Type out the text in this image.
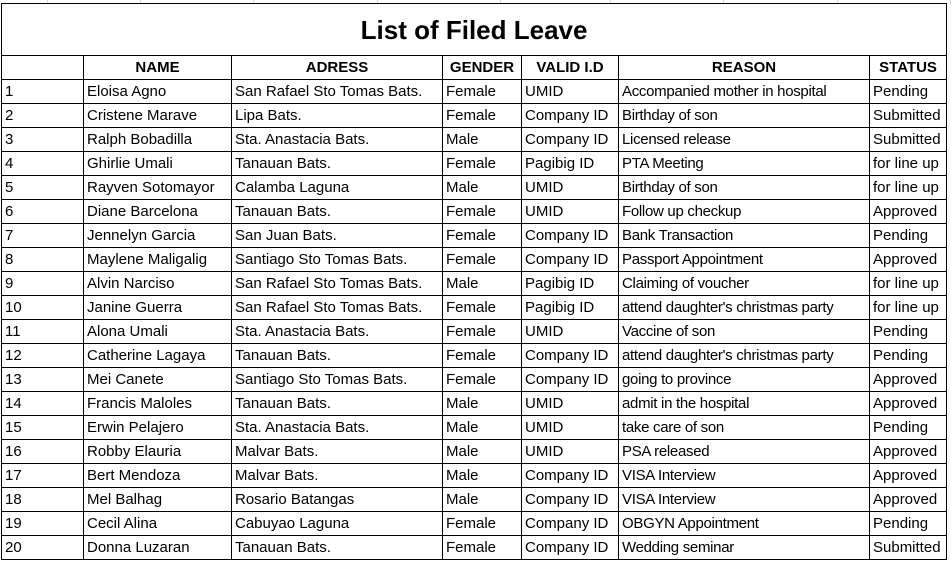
List of Filed Leave						
	NAME	ADRESS	GENDER	VALID I.D	REASON	STATUS
1	Eloisa Agno	San Rafael Sto Tomas Bats.	Female	UMID	Accompanied mother in hospital	Pending
2	Cristene Marave	Lipa Bats.	Female	Company ID	Birthday of son	Submitted
3	Ralph Bobadilla	Sta. Anastacia Bats.	Male	Company ID	Licensed release	Submitted
4	Ghirlie Umali	Tanauan Bats.	Female	Pagibig ID	PTA Meeting	for line up
5	Rayven Sotomayor	Calamba Laguna	Male	UMID	Birthday of son	for line up
6	Diane Barcelona	Tanauan Bats.	Female	UMID	Follow up checkup	Approved
7	Jennelyn Garcia	San Juan Bats.	Female	Company ID	Bank Transaction	Pending
8	Maylene Maligalig	Santiago Sto Tomas Bats.	Female	Company ID	Passport Appointment	Approved
9	Alvin Narciso	San Rafael Sto Tomas Bats.	Male	Pagibig ID	Claiming of voucher	for line up
10	Janine Guerra	San Rafael Sto Tomas Bats.	Female	Pagibig ID	attend daughter's christmas party	for line up
11	Alona Umali	Sta. Anastacia Bats.	Female	UMID	Vaccine of son	Pending
12	Catherine Lagaya	Tanauan Bats.	Female	Company ID	attend daughter's christmas party	Pending
13	Mei Canete	Santiago Sto Tomas Bats.	Female	Company ID	going to province	Approved
14	Francis Maloles	Tanauan Bats.	Male	UMID	admit in the hospital	Approved
15	Erwin Pelajero	Sta. Anastacia Bats.	Male	UMID	take care of son	Pending
16	Robby Elauria	Malvar Bats.	Male	UMID	PSA released	Approved
17	Bert Mendoza	Malvar Bats.	Male	Company ID	VISA Interview	Approved
18	Mel Balhag	Rosario Batangas	Male	Company ID	VISA Interview	Approved
19	Cecil Alina	Cabuyao Laguna	Female	Company ID	OBGYN Appointment	Pending
20	Donna Luzaran	Tanauan Bats.	Female	Company ID	Wedding seminar	Submitted
